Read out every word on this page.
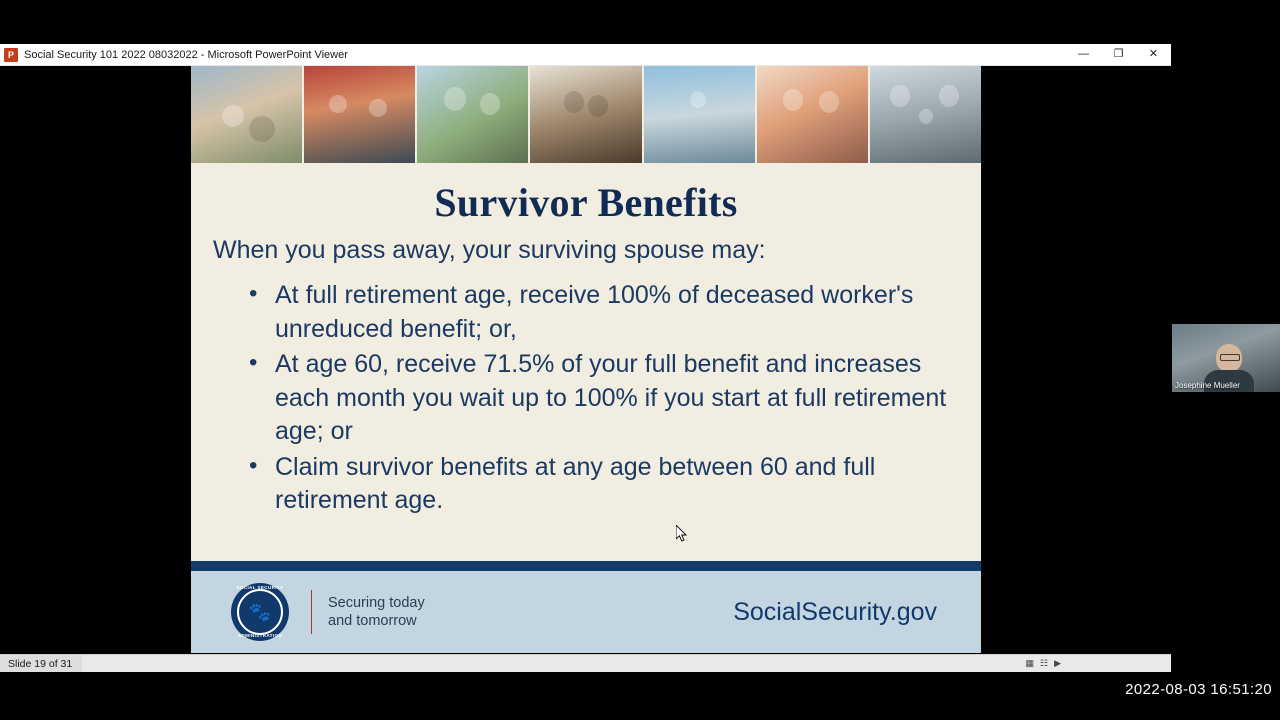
P Social Security 101 2022 08032022 - Microsoft PowerPoint Viewer	—	❐	✕
Survivor Benefits

When you pass away, your surviving spouse may:

• At full retirement age, receive 100% of deceased worker's unreduced benefit; or,
• At age 60, receive 71.5% of your full benefit and increases each month you wait up to 100% if you start at full retirement age; or
• Claim survivor benefits at any age between 60 and full retirement age.
SOCIAL SECURITY
🐾
ADMINISTRATION
Securing today
and tomorrow	SocialSecurity.gov
Slide 19 of 31	▦ ☷ ▶
Josephine Mueller
2022-08-03 16:51:20
